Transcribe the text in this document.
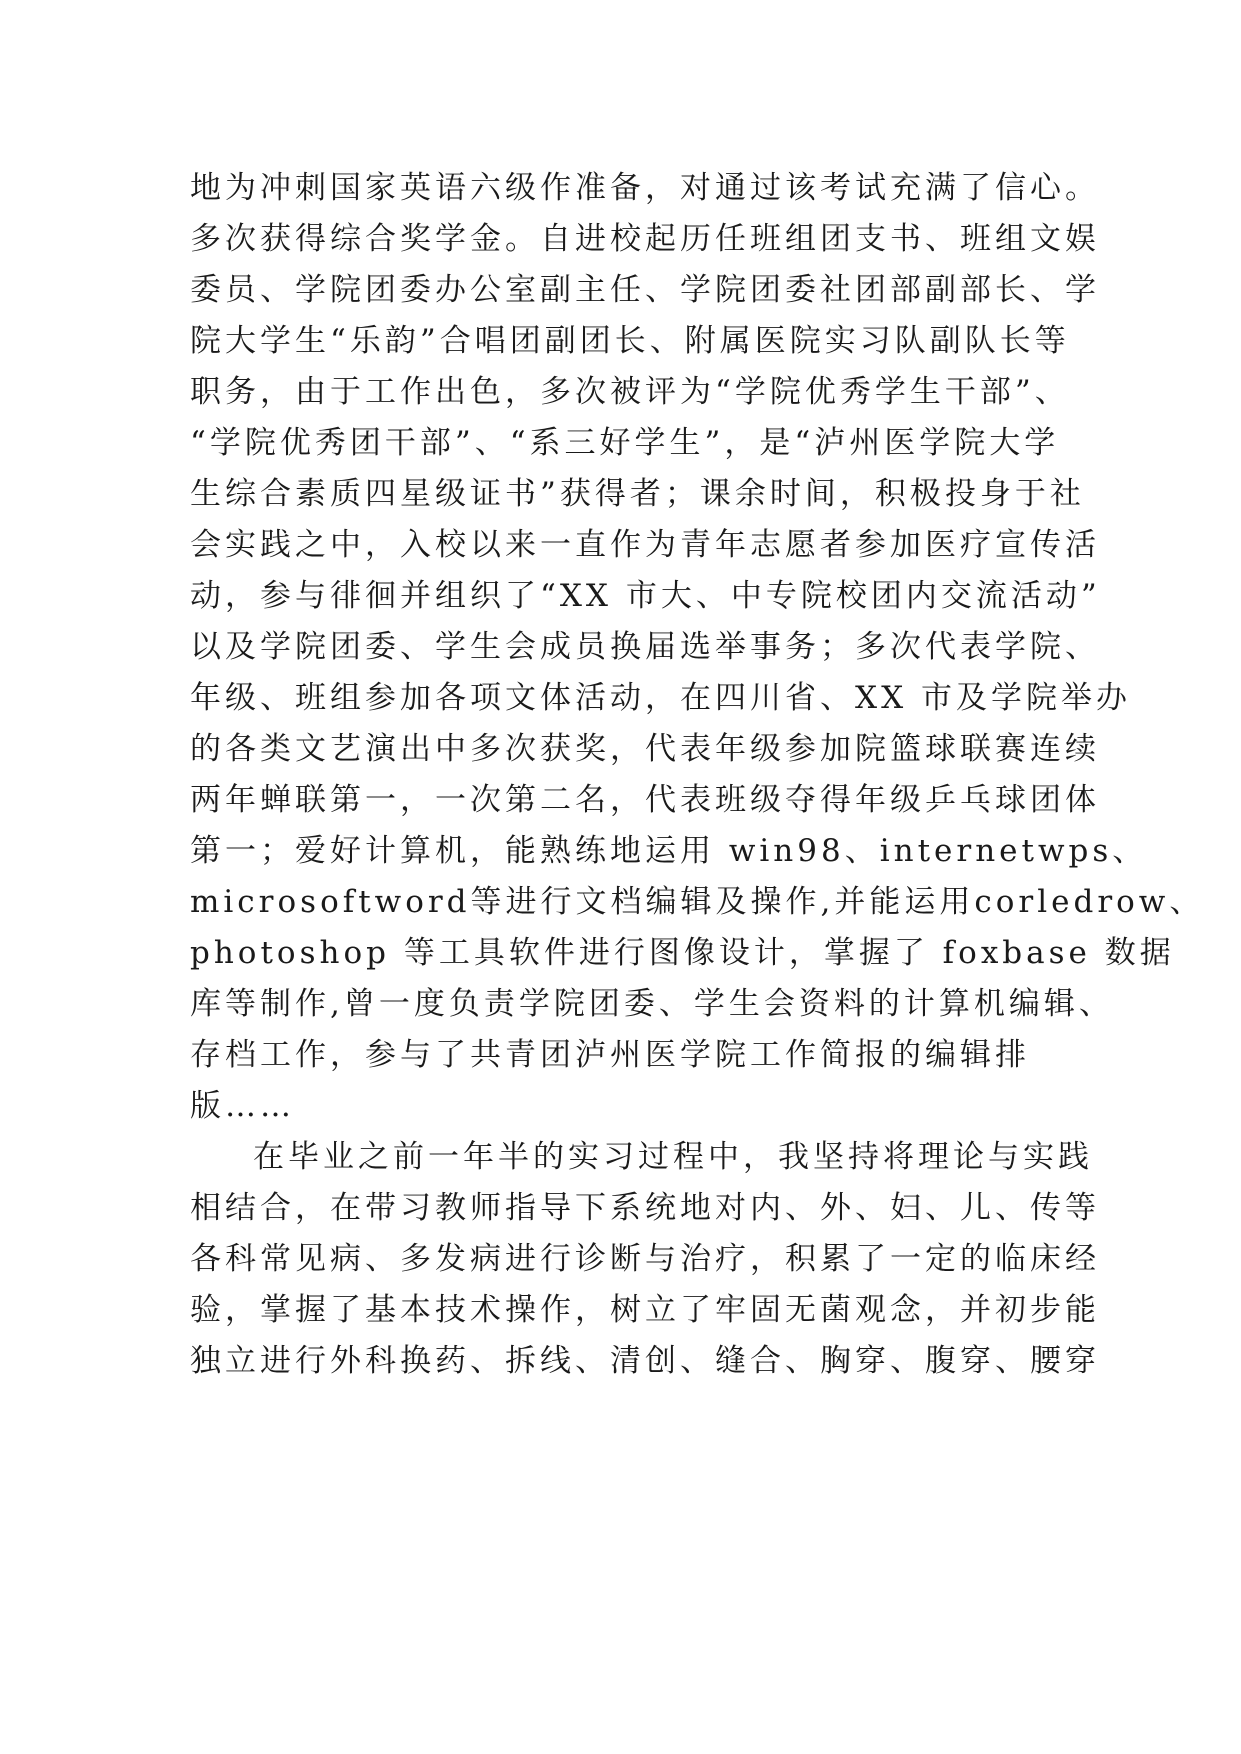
地为冲刺国家英语六级作准备，对通过该考试充满了信心。
多次获得综合奖学金。自进校起历任班组团支书、班组文娱
委员、学院团委办公室副主任、学院团委社团部副部长、学
院大学生“乐韵”合唱团副团长、附属医院实习队副队长等
职务，由于工作出色，多次被评为“学院优秀学生干部”、
“学院优秀团干部”、“系三好学生”，是“泸州医学院大学
生综合素质四星级证书”获得者；课余时间，积极投身于社
会实践之中，入校以来一直作为青年志愿者参加医疗宣传活
动，参与徘徊并组织了“XX 市大、中专院校团内交流活动”
以及学院团委、学生会成员换届选举事务；多次代表学院、
年级、班组参加各项文体活动，在四川省、XX 市及学院举办
的各类文艺演出中多次获奖，代表年级参加院篮球联赛连续
两年蝉联第一，一次第二名，代表班级夺得年级乒乓球团体
第一；爱好计算机，能熟练地运用 win98、internetwps、
microsoftword等进行文档编辑及操作,并能运用corledrow、
photoshop 等工具软件进行图像设计，掌握了 foxbase 数据
库等制作,曾一度负责学院团委、学生会资料的计算机编辑、
存档工作，参与了共青团泸州医学院工作简报的编辑排
版……
在毕业之前一年半的实习过程中，我坚持将理论与实践
相结合，在带习教师指导下系统地对内、外、妇、儿、传等
各科常见病、多发病进行诊断与治疗，积累了一定的临床经
验，掌握了基本技术操作，树立了牢固无菌观念，并初步能
独立进行外科换药、拆线、清创、缝合、胸穿、腹穿、腰穿
